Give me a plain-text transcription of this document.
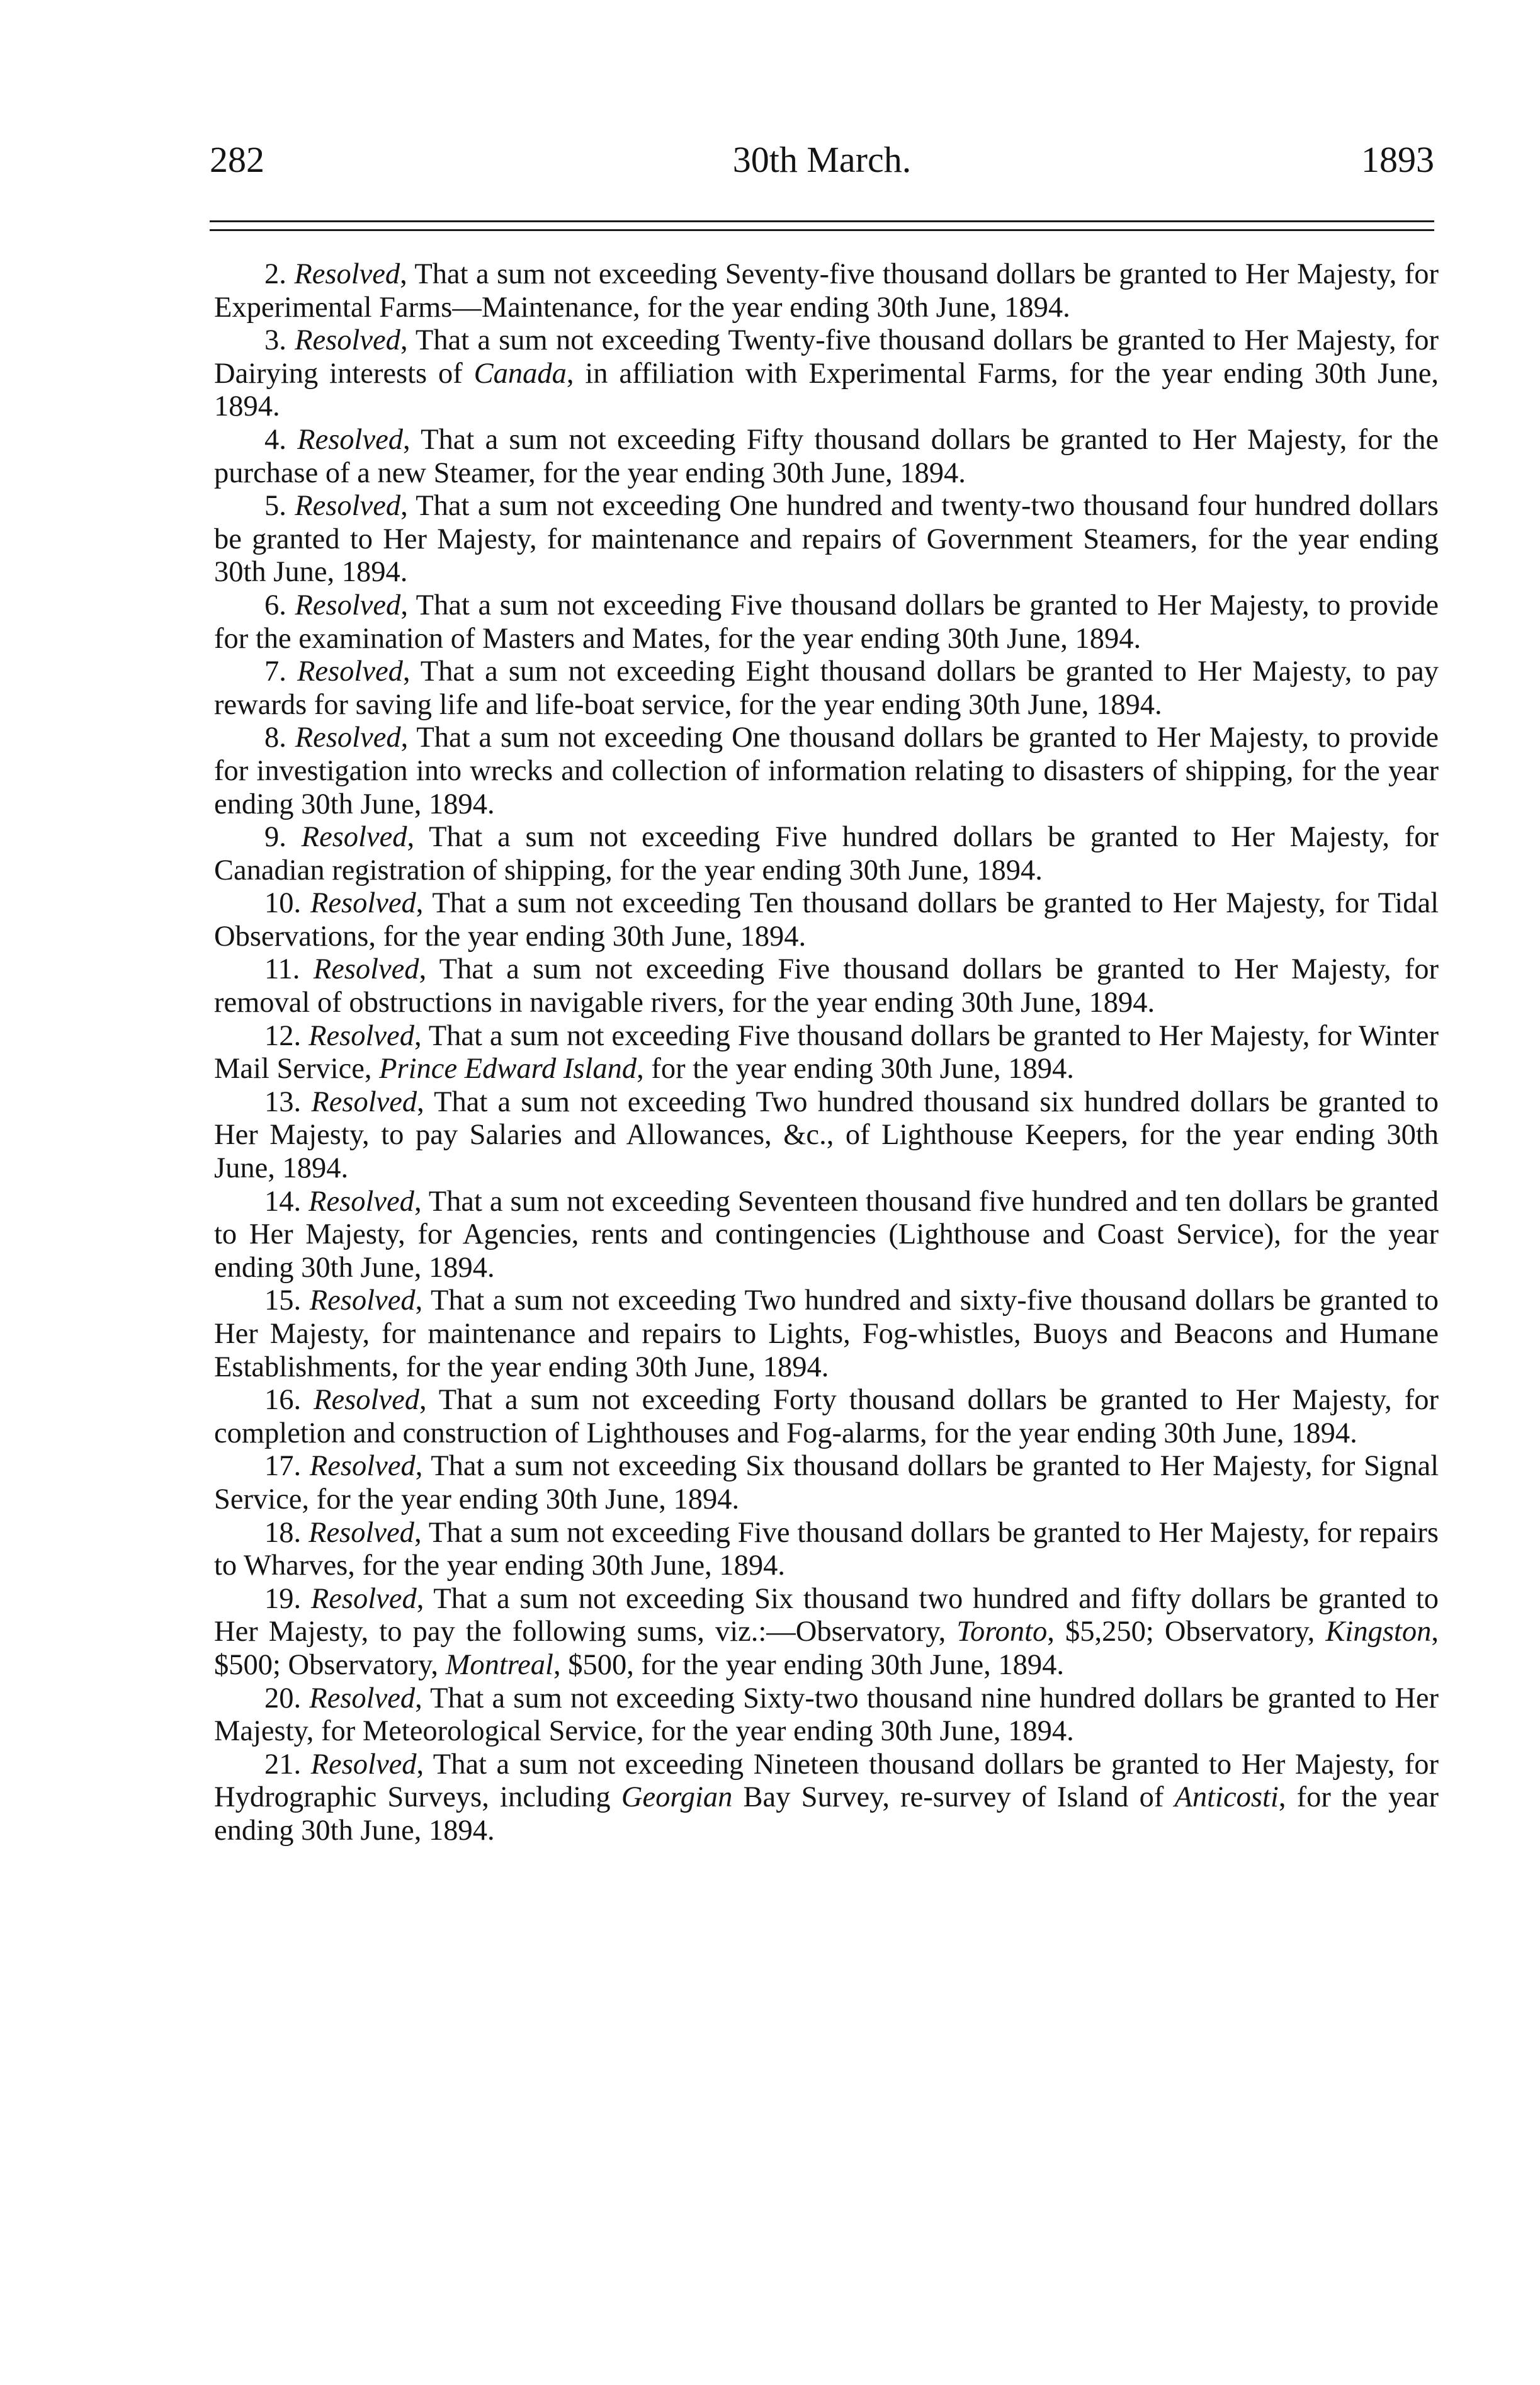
282	30th March.	1893

2. Resolved, That a sum not exceeding Seventy-five thousand dollars be granted to Her Majesty, for Experimental Farms—Maintenance, for the year ending 30th June, 1894.

3. Resolved, That a sum not exceeding Twenty-five thousand dollars be granted to Her Majesty, for Dairying interests of Canada, in affiliation with Experimental Farms, for the year ending 30th June, 1894.

4. Resolved, That a sum not exceeding Fifty thousand dollars be granted to Her Majesty, for the purchase of a new Steamer, for the year ending 30th June, 1894.

5. Resolved, That a sum not exceeding One hundred and twenty-two thousand four hundred dollars be granted to Her Majesty, for maintenance and repairs of Government Steamers, for the year ending 30th June, 1894.

6. Resolved, That a sum not exceeding Five thousand dollars be granted to Her Majesty, to provide for the examination of Masters and Mates, for the year ending 30th June, 1894.

7. Resolved, That a sum not exceeding Eight thousand dollars be granted to Her Majesty, to pay rewards for saving life and life-boat service, for the year ending 30th June, 1894.

8. Resolved, That a sum not exceeding One thousand dollars be granted to Her Majesty, to provide for investigation into wrecks and collection of information relating to disasters of shipping, for the year ending 30th June, 1894.

9. Resolved, That a sum not exceeding Five hundred dollars be granted to Her Majesty, for Canadian registration of shipping, for the year ending 30th June, 1894.

10. Resolved, That a sum not exceeding Ten thousand dollars be granted to Her Majesty, for Tidal Observations, for the year ending 30th June, 1894.

11. Resolved, That a sum not exceeding Five thousand dollars be granted to Her Majesty, for removal of obstructions in navigable rivers, for the year ending 30th June, 1894.

12. Resolved, That a sum not exceeding Five thousand dollars be granted to Her Majesty, for Winter Mail Service, Prince Edward Island, for the year ending 30th June, 1894.

13. Resolved, That a sum not exceeding Two hundred thousand six hundred dollars be granted to Her Majesty, to pay Salaries and Allowances, &c., of Lighthouse Keepers, for the year ending 30th June, 1894.

14. Resolved, That a sum not exceeding Seventeen thousand five hundred and ten dollars be granted to Her Majesty, for Agencies, rents and contingencies (Lighthouse and Coast Service), for the year ending 30th June, 1894.

15. Resolved, That a sum not exceeding Two hundred and sixty-five thousand dollars be granted to Her Majesty, for maintenance and repairs to Lights, Fog-whistles, Buoys and Beacons and Humane Establishments, for the year ending 30th June, 1894.

16. Resolved, That a sum not exceeding Forty thousand dollars be granted to Her Majesty, for completion and construction of Lighthouses and Fog-alarms, for the year ending 30th June, 1894.

17. Resolved, That a sum not exceeding Six thousand dollars be granted to Her Majesty, for Signal Service, for the year ending 30th June, 1894.

18. Resolved, That a sum not exceeding Five thousand dollars be granted to Her Majesty, for repairs to Wharves, for the year ending 30th June, 1894.

19. Resolved, That a sum not exceeding Six thousand two hundred and fifty dollars be granted to Her Majesty, to pay the following sums, viz.:—Observatory, Toronto, $5,250; Observatory, Kingston, $500; Observatory, Montreal, $500, for the year ending 30th June, 1894.

20. Resolved, That a sum not exceeding Sixty-two thousand nine hundred dollars be granted to Her Majesty, for Meteorological Service, for the year ending 30th June, 1894.

21. Resolved, That a sum not exceeding Nineteen thousand dollars be granted to Her Majesty, for Hydrographic Surveys, including Georgian Bay Survey, re-survey of Island of Anticosti, for the year ending 30th June, 1894.
